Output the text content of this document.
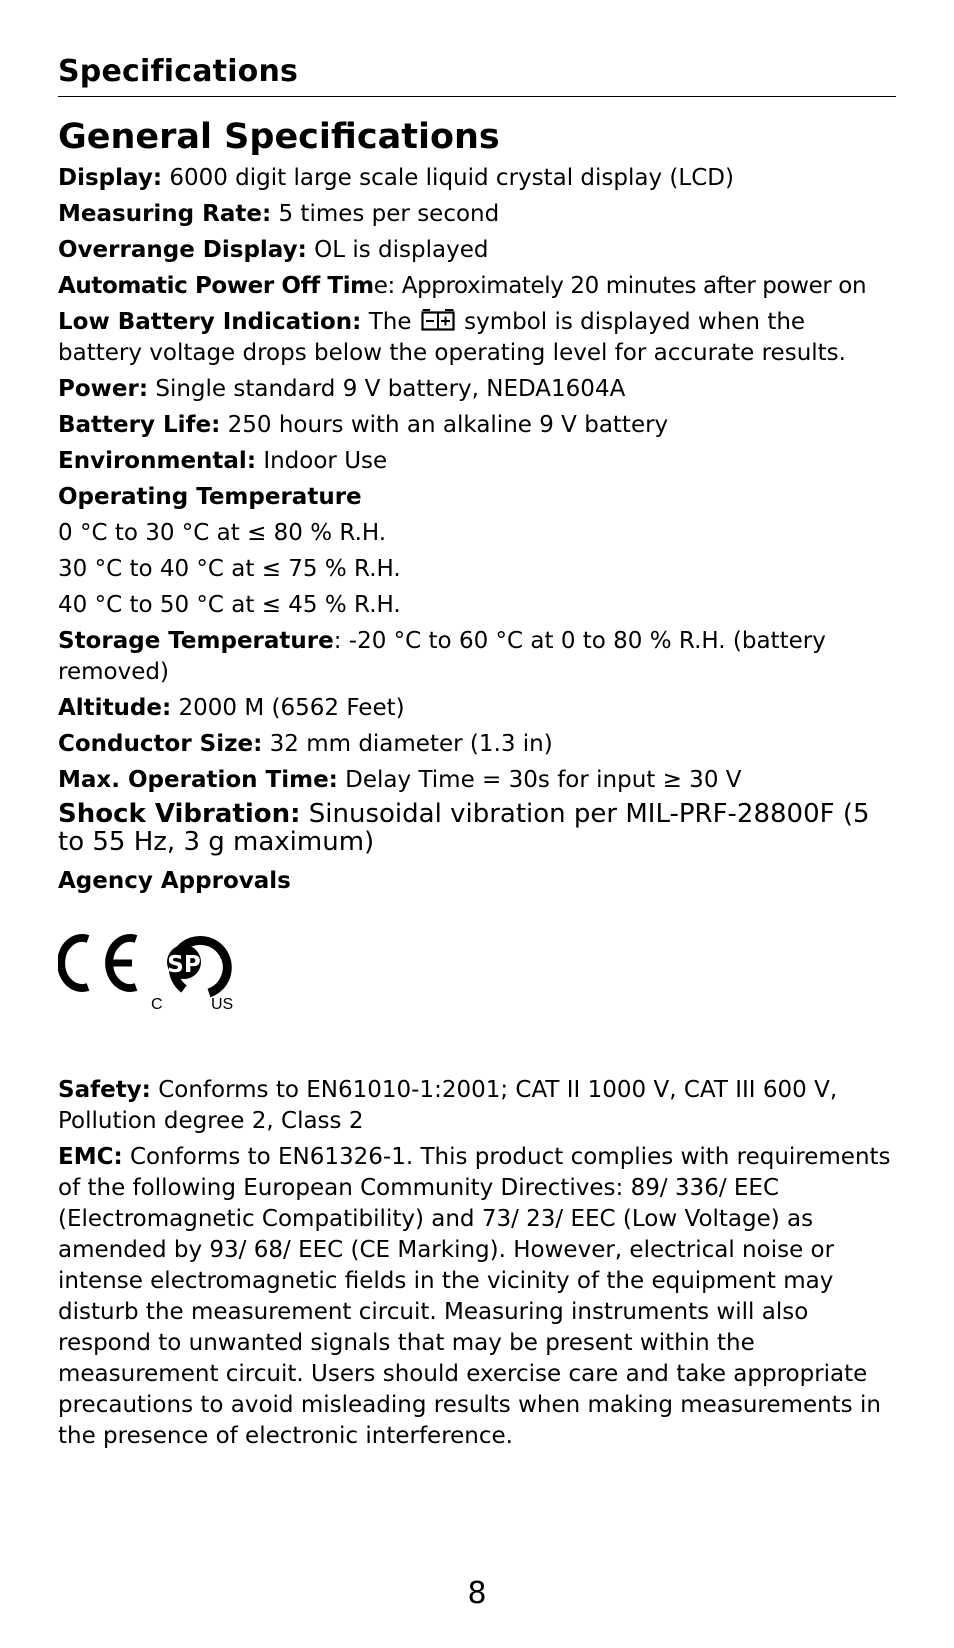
Specifications
General Specifications
Display: 6000 digit large scale liquid crystal display (LCD)
Measuring Rate: 5 times per second
Overrange Display: OL is displayed
Automatic Power Off Time: Approximately 20 minutes after power on
Low Battery Indication: The  symbol is displayed when the battery voltage drops below the operating level for accurate results.
Power: Single standard 9 V battery, NEDA1604A
Battery Life: 250 hours with an alkaline 9 V battery
Environmental: Indoor Use
Operating Temperature
0 °C to 30 °C at ≤ 80 % R.H.
30 °C to 40 °C at ≤ 75 % R.H.
40 °C to 50 °C at ≤ 45 % R.H.
Storage Temperature: -20 °C to 60 °C at 0 to 80 % R.H. (battery removed)
Altitude: 2000 M (6562 Feet)
Conductor Size: 32 mm diameter (1.3 in)
Max. Operation Time: Delay Time = 30s for input ≥ 30 V
Shock Vibration: Sinusoidal vibration per MIL-PRF-28800F (5 to 55 Hz, 3 g maximum)
Agency Approvals
SP
C	US
Safety: Conforms to EN61010-1:2001; CAT II 1000 V, CAT III 600 V, Pollution degree 2, Class 2
EMC: Conforms to EN61326-1. This product complies with requirements of the following European Community Directives: 89/ 336/ EEC (Electromagnetic Compatibility) and 73/ 23/ EEC (Low Voltage) as amended by 93/ 68/ EEC (CE Marking). However, electrical noise or intense electromagnetic fields in the vicinity of the equipment may disturb the measurement circuit. Measuring instruments will also respond to unwanted signals that may be present within the measurement circuit. Users should exercise care and take appropriate precautions to avoid misleading results when making measurements in the presence of electronic interference.
8
